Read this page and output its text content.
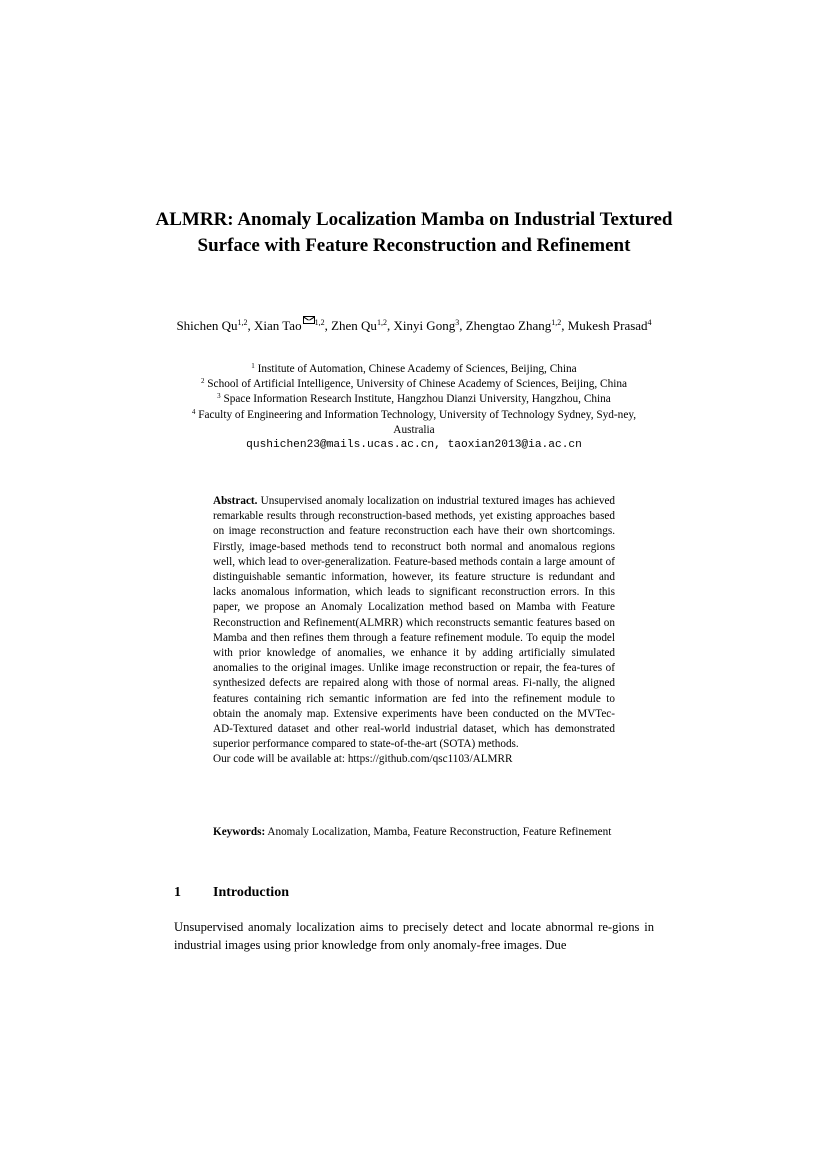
ALMRR: Anomaly Localization Mamba on Industrial Textured Surface with Feature Reconstruction and Refinement
Shichen Qu$^{1,2}$, Xian Tao $^{1,2}$, Zhen Qu$^{1,2}$, Xinyi Gong$^3$, Zhengtao Zhang$^{1,2}$, Mukesh Prasad$^4$
$^1$ Institute of Automation, Chinese Academy of Sciences, Beijing, China
$^2$ School of Artificial Intelligence, University of Chinese Academy of Sciences, Beijing, China
$^3$ Space Information Research Institute, Hangzhou Dianzi University, Hangzhou, China
$^4$ Faculty of Engineering and Information Technology, University of Technology Sydney, Syd-ney, Australia
qushichen23@mails.ucas.ac.cn, taoxian2013@ia.ac.cn
Abstract. Unsupervised anomaly localization on industrial textured images has achieved remarkable results through reconstruction-based methods, yet existing approaches based on image reconstruction and feature reconstruction each have their own shortcomings. Firstly, image-based methods tend to reconstruct both normal and anomalous regions well, which lead to over-generalization. Feature-based methods contain a large amount of distinguishable semantic information, however, its feature structure is redundant and lacks anomalous information, which leads to significant reconstruction errors. In this paper, we propose an Anomaly Localization method based on Mamba with Feature Reconstruction and Refinement(ALMRR) which reconstructs semantic features based on Mamba and then refines them through a feature refinement module. To equip the model with prior knowledge of anomalies, we enhance it by adding artificially simulated anomalies to the original images. Unlike image reconstruction or repair, the fea-tures of synthesized defects are repaired along with those of normal areas. Fi-nally, the aligned features containing rich semantic information are fed into the refinement module to obtain the anomaly map. Extensive experiments have been conducted on the MVTec-AD-Textured dataset and other real-world industrial dataset, which has demonstrated superior performance compared to state-of-the-art (SOTA) methods.
Our code will be available at: https://github.com/qsc1103/ALMRR
Keywords: Anomaly Localization, Mamba, Feature Reconstruction, Feature Refinement
1 Introduction
Unsupervised anomaly localization aims to precisely detect and locate abnormal re-gions in industrial images using prior knowledge from only anomaly-free images. Due
